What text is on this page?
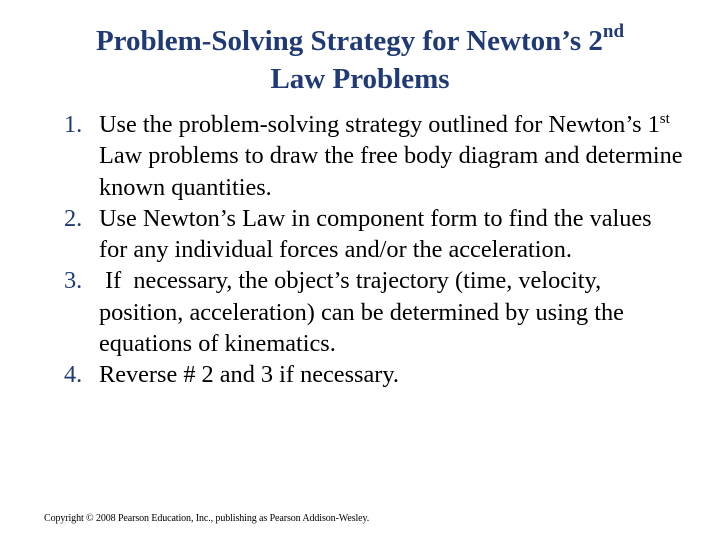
Problem-Solving Strategy for Newton’s 2nd
Law Problems
1. Use the problem-solving strategy outlined for Newton’s 1st Law problems to draw the free body diagram and determine known quantities.
2. Use Newton’s Law in component form to find the values for any individual forces and/or the acceleration.
3. If  necessary, the object’s trajectory (time, velocity, position, acceleration) can be determined by using the equations of kinematics.
4. Reverse # 2 and 3 if necessary.
Copyright © 2008 Pearson Education, Inc., publishing as Pearson Addison-Wesley.
